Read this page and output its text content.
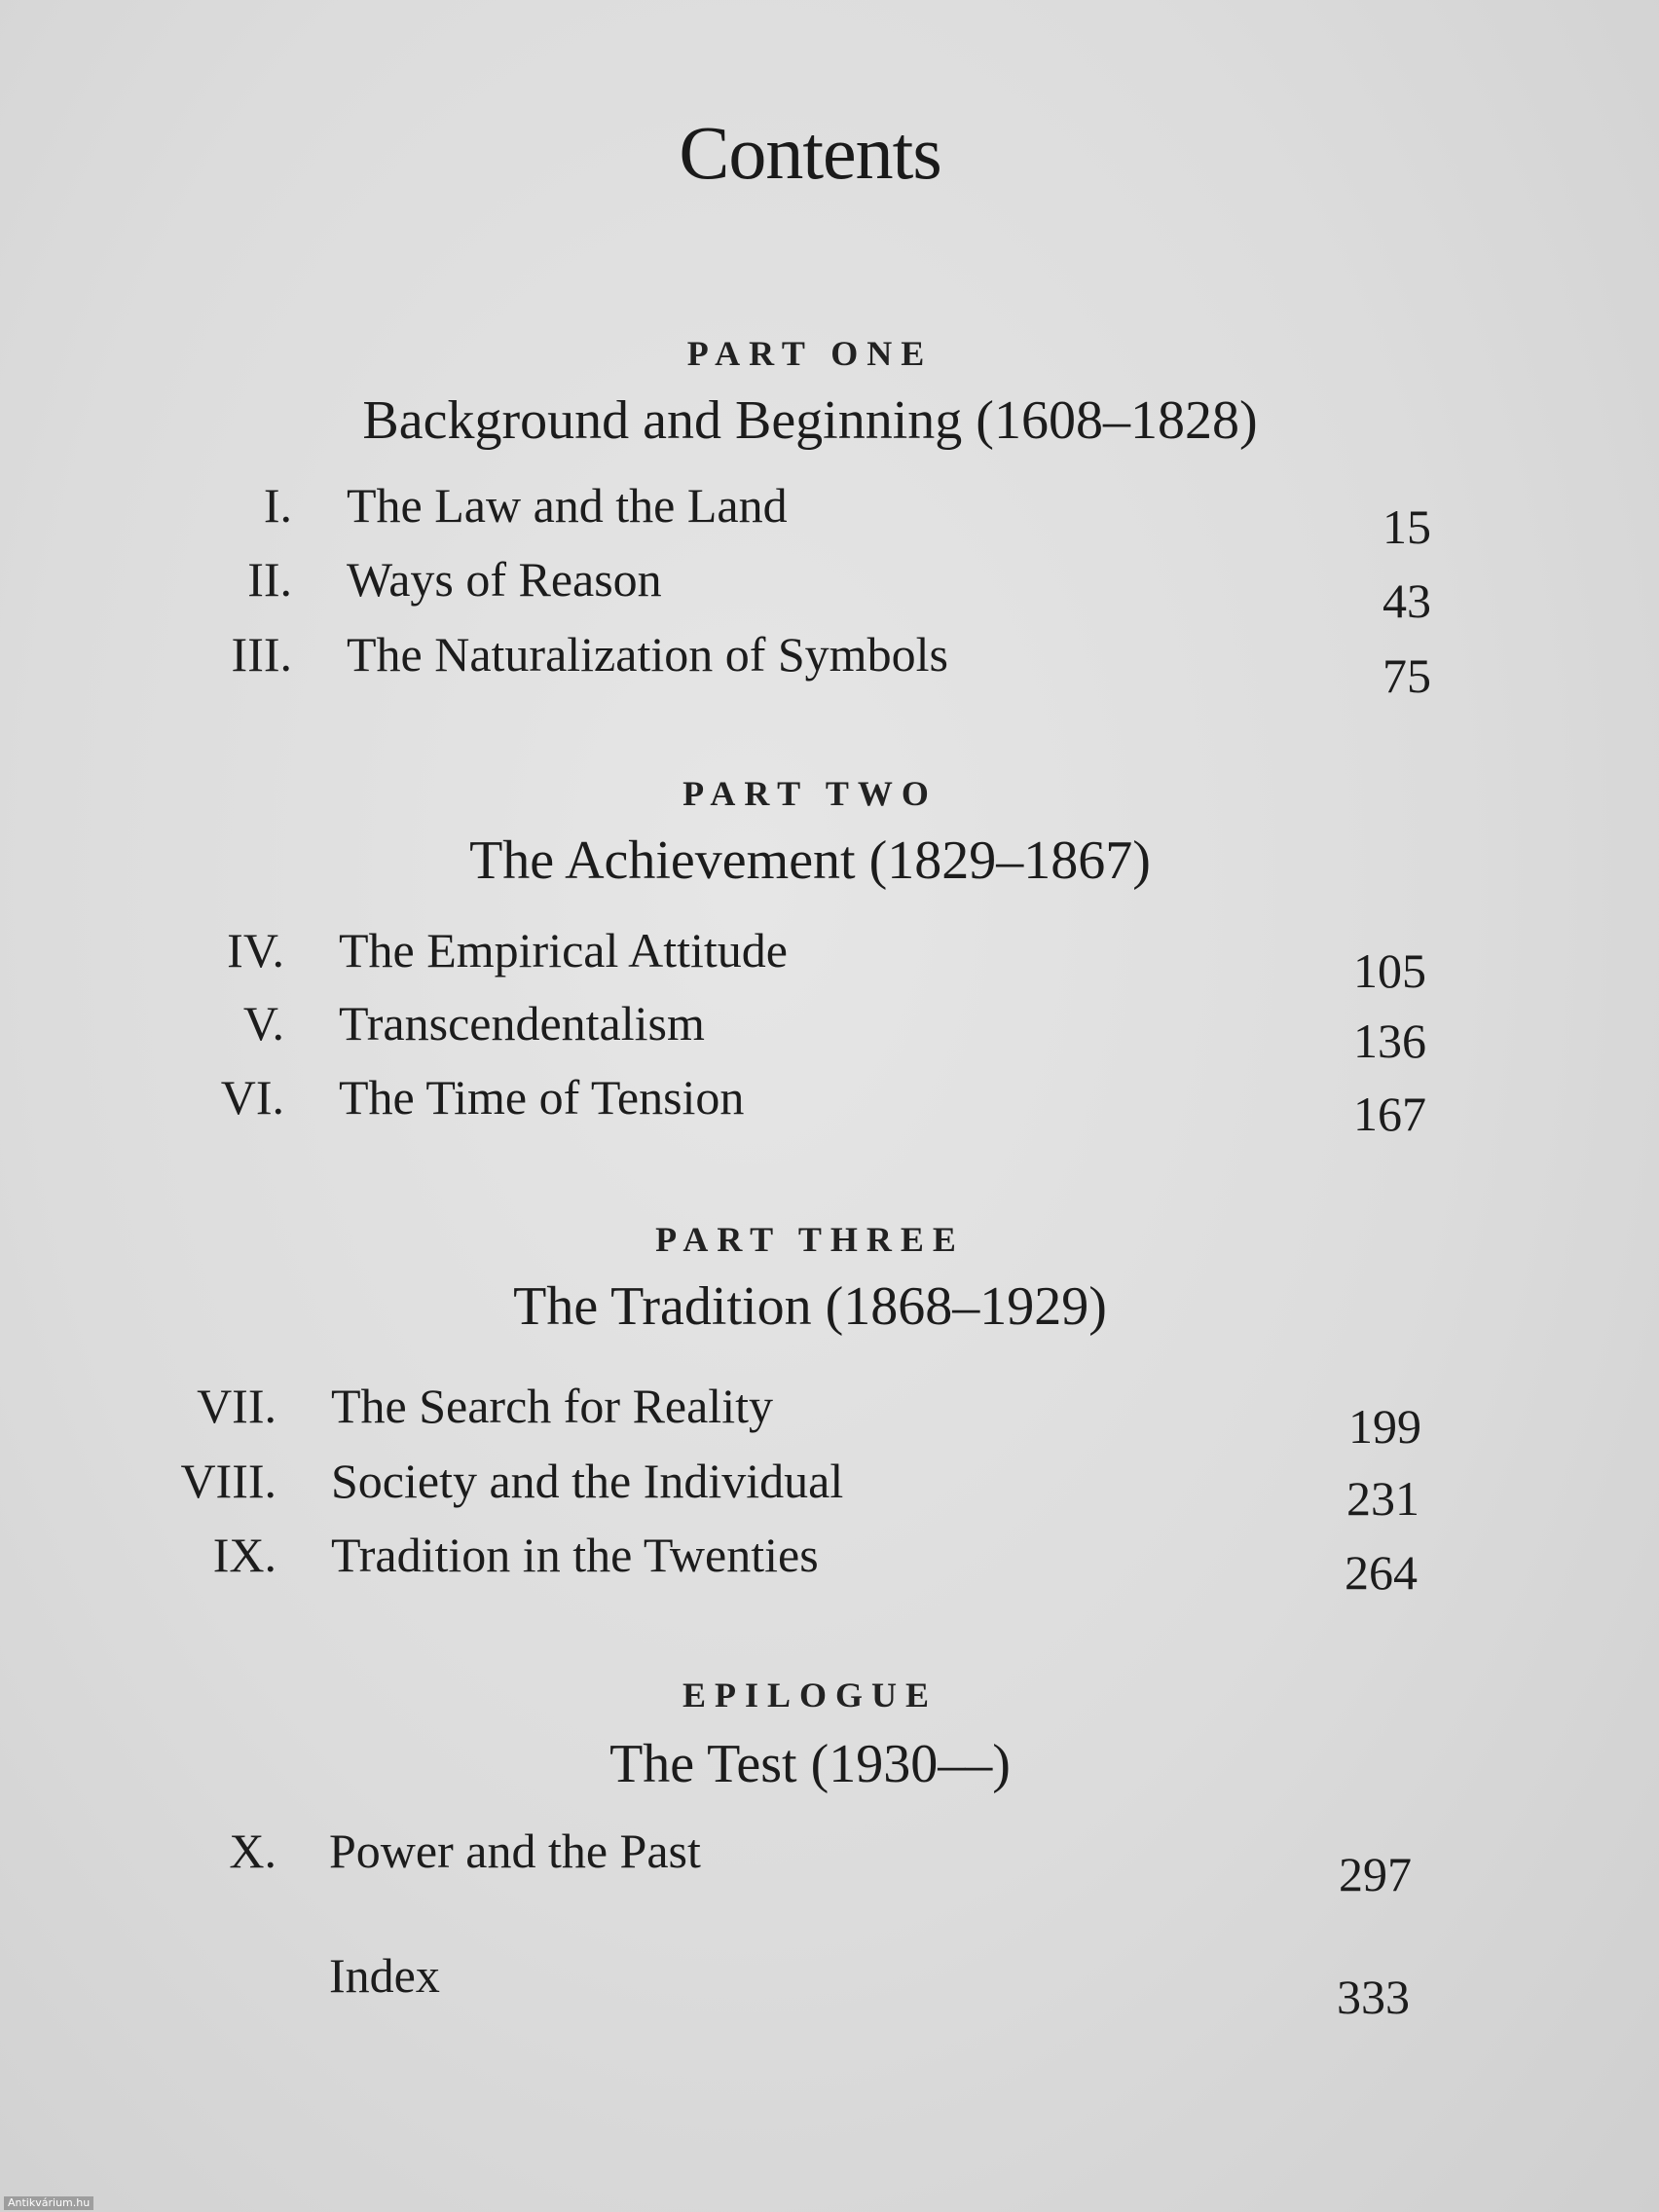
Contents
PART ONE
Background and Beginning (1608–1828)
I. The Law and the Land	15
II. Ways of Reason	43
III. The Naturalization of Symbols	75
PART TWO
The Achievement (1829–1867)
IV. The Empirical Attitude	105
V. Transcendentalism	136
VI. The Time of Tension	167
PART THREE
The Tradition (1868–1929)
VII. The Search for Reality	199
VIII. Society and the Individual	231
IX. Tradition in the Twenties	264
EPILOGUE
The Test (1930––)
X. Power and the Past	297
Index	333
Antikvárium.hu
